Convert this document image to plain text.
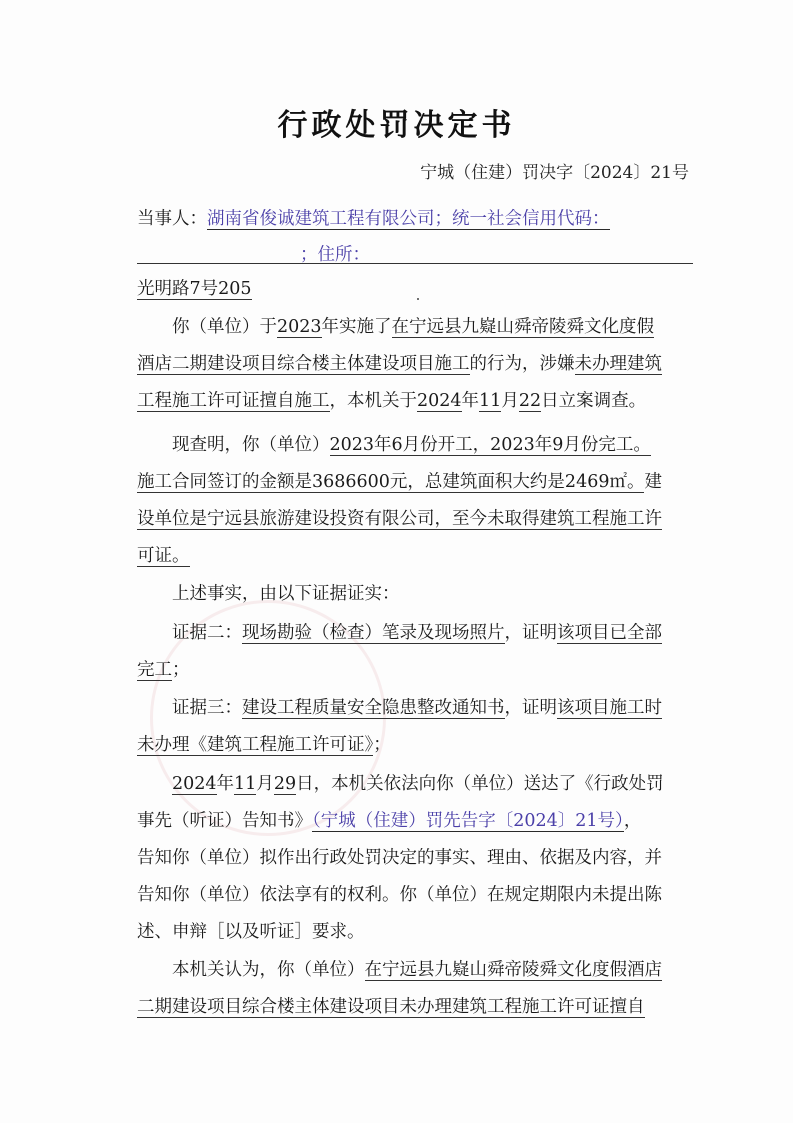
行政处罚决定书
宁城（住建）罚决字〔2024〕21号
当事人：湖南省俊诚建筑工程有限公司；统一社会信用代码：
；住所：
光明路7号205
你（单位）于2023年实施了在宁远县九嶷山舜帝陵舜文化度假
酒店二期建设项目综合楼主体建设项目施工的行为，涉嫌未办理建筑
工程施工许可证擅自施工，本机关于2024年11月22日立案调查。
现查明，你（单位）2023年6月份开工，2023年9月份完工。
施工合同签订的金额是3686600元，总建筑面积大约是2469㎡。建
设单位是宁远县旅游建设投资有限公司，至今未取得建筑工程施工许
可证。
上述事实，由以下证据证实：
证据二：现场勘验（检查）笔录及现场照片，证明该项目已全部
完工；
证据三：建设工程质量安全隐患整改通知书，证明该项目施工时
未办理《建筑工程施工许可证》；
2024年11月29日，本机关依法向你（单位）送达了《行政处罚
事先（听证）告知书》（宁城（住建）罚先告字〔2024〕21号），
告知你（单位）拟作出行政处罚决定的事实、理由、依据及内容，并
告知你（单位）依法享有的权利。你（单位）在规定期限内未提出陈
述、申辩［以及听证］要求。
本机关认为，你（单位）在宁远县九嶷山舜帝陵舜文化度假酒店
二期建设项目综合楼主体建设项目未办理建筑工程施工许可证擅自
